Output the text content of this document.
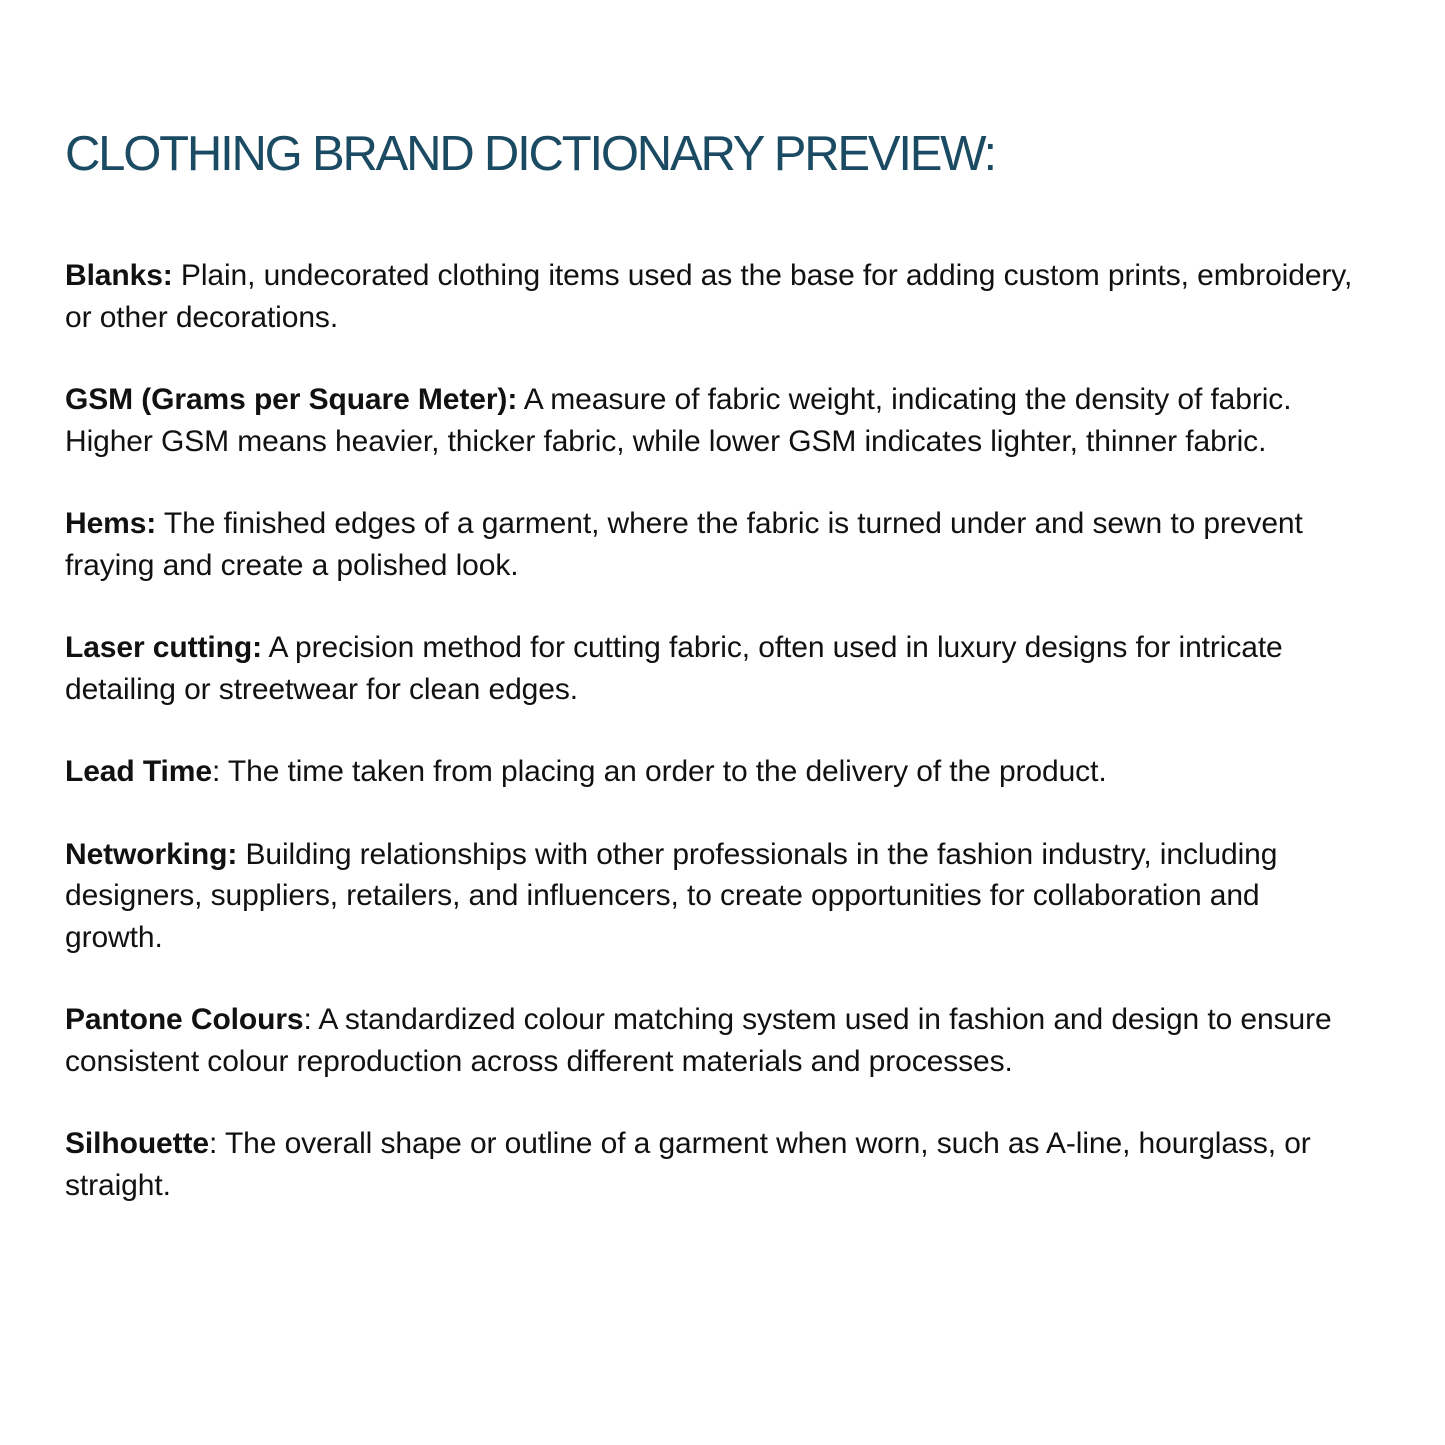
CLOTHING BRAND DICTIONARY PREVIEW:

Blanks: Plain, undecorated clothing items used as the base for adding custom prints, embroidery, or other decorations.

GSM (Grams per Square Meter): A measure of fabric weight, indicating the density of fabric. Higher GSM means heavier, thicker fabric, while lower GSM indicates lighter, thinner fabric.

Hems: The finished edges of a garment, where the fabric is turned under and sewn to prevent fraying and create a polished look.

Laser cutting: A precision method for cutting fabric, often used in luxury designs for intricate detailing or streetwear for clean edges.

Lead Time: The time taken from placing an order to the delivery of the product.

Networking: Building relationships with other professionals in the fashion industry, including designers, suppliers, retailers, and influencers, to create opportunities for collaboration and growth.

Pantone Colours: A standardized colour matching system used in fashion and design to ensure consistent colour reproduction across different materials and processes.

Silhouette: The overall shape or outline of a garment when worn, such as A-line, hourglass, or straight.
